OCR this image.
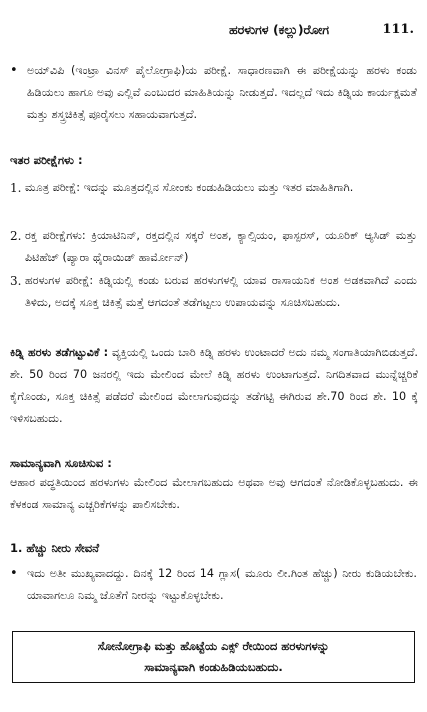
ಹರಳುಗಳ (ಕಲ್ಲು)ರೋಗ	111.
• ಅಯ್‌ವಿಪಿ (ಇಂಟ್ರಾ ವಿನಸ್ ಪೈಲೋಗ್ರಾಫಿ)ಯ ಪರೀಕ್ಷೆ. ಸಾಧಾರಣವಾಗಿ ಈ ಪರೀಕ್ಷೆಯನ್ನು ಹರಳು ಕಂಡು ಹಿಡಿಯಲು ಹಾಗೂ ಅವು ಎಲ್ಲಿವೆ ಎಂಬುದರ ಮಾಹಿತಿಯನ್ನು ನೀಡುತ್ತದೆ. ಇದಲ್ಲದೆ ಇದು ಕಿಡ್ನಿಯ ಕಾರ್ಯಕ್ಷಮತೆ ಮತ್ತು ಶಸ್ತ್ರಚಿಕಿತ್ಸೆ ಪೂರೈಸಲು ಸಹಾಯವಾಗುತ್ತದೆ.
ಇತರ ಪರೀಕ್ಷೆಗಳು :
1. ಮೂತ್ರ ಪರೀಕ್ಷೆ: ಇದನ್ನು ಮೂತ್ರದಲ್ಲಿನ ಸೋಂಕು ಕಂಡುಹಿಡಿಯಲು ಮತ್ತು ಇತರ ಮಾಹಿತಿಗಾಗಿ.
2. ರಕ್ತ ಪರೀಕ್ಷೆಗಳು: ಕ್ರಿಯಾಟಿನಿನ್, ರಕ್ತದಲ್ಲಿನ ಸಕ್ಕರೆ ಅಂಶ, ಕ್ಯಾಲ್ಸಿಯಂ, ಫಾಸ್ಪರಸ್, ಯೂರಿಕ್ ಆ್ಯಸಿಡ್ ಮತ್ತು ಪಿಟಿಹೆಚ್ (ಪ್ಯಾರಾ ಥೈರಾಯಿಡ್ ಹಾರ್ಮೋನ್)
3. ಹರಳುಗಳ ಪರೀಕ್ಷೆ: ಕಿಡ್ನಿಯಲ್ಲಿ ಕಂಡು ಬರುವ ಹರಳುಗಳಲ್ಲಿ ಯಾವ ರಾಸಾಯನಿಕ ಅಂಶ ಅಡಕವಾಗಿದೆ ಎಂದು ತಿಳಿದು, ಅದಕ್ಕೆ ಸೂಕ್ತ ಚಿಕಿತ್ಸೆ ಮತ್ತೆ ಆಗದಂತೆ ತಡೆಗಟ್ಟಲು ಉಪಾಯವನ್ನು ಸೂಚಿಸಬಹುದು.
ಕಿಡ್ನಿ ಹರಳು ತಡೆಗಟ್ಟುವಿಕೆ : ವ್ಯಕ್ತಿಯಲ್ಲಿ ಒಂದು ಬಾರಿ ಕಿಡ್ನಿ ಹರಳು ಉಂಟಾದರೆ ಅದು ನಮ್ಮ ಸಂಗಾತಿಯಾಗಿಬಿಡುತ್ತದೆ. ಶೇ. 50 ರಿಂದ 70 ಜನರಲ್ಲಿ ಇದು ಮೇಲಿಂದ ಮೇಲೆ ಕಿಡ್ನಿ ಹರಳು ಉಂಟಾಗುತ್ತದೆ. ನಿಗದಿತವಾದ ಮುನ್ನೆಚ್ಚರಿಕೆ ಕೈಗೊಂಡು, ಸೂಕ್ತ ಚಿಕಿತ್ಸೆ ಪಡೆದರೆ ಮೇಲಿಂದ ಮೇಲಾಗುವುದನ್ನು ತಡೆಗಟ್ಟಿ ಈಗಿರುವ ಶೇ.70 ರಿಂದ ಶೇ. 10 ಕ್ಕೆ ಇಳಿಸಬಹುದು.
ಸಾಮಾನ್ಯವಾಗಿ ಸೂಚಿಸುವ :
ಆಹಾರ ಪದ್ಧತಿಯಿಂದ ಹರಳುಗಳು ಮೇಲಿಂದ ಮೇಲಾಗಬಹುದು ಅಥವಾ ಅವು ಆಗದಂತೆ ನೋಡಿಕೊಳ್ಳಬಹುದು. ಈ ಕೆಳಕಂಡ ಸಾಮಾನ್ಯ ಎಚ್ಚರಿಕೆಗಳನ್ನು ಪಾಲಿಸಬೇಕು.
1. ಹೆಚ್ಚು ನೀರು ಸೇವನೆ
• ಇದು ಅತೀ ಮುಖ್ಯವಾದದ್ದು. ದಿನಕ್ಕೆ 12 ರಿಂದ 14 ಗ್ಲಾಸ( ಮೂರು ಲೀ.ಗಿಂತ ಹೆಚ್ಚು) ನೀರು ಕುಡಿಯಬೇಕು. ಯಾವಾಗಲೂ ನಿಮ್ಮ ಜೊತೆಗೆ ನೀರನ್ನು ಇಟ್ಟುಕೊಳ್ಳಬೇಕು.
ಸೋನೋಗ್ರಾಫಿ ಮತ್ತು ಹೊಟ್ಟೆಯ ಎಕ್ಸ್ ರೇಯಿಂದ ಹರಳುಗಳನ್ನು
ಸಾಮಾನ್ಯವಾಗಿ ಕಂಡುಹಿಡಿಯಬಹುದು.
